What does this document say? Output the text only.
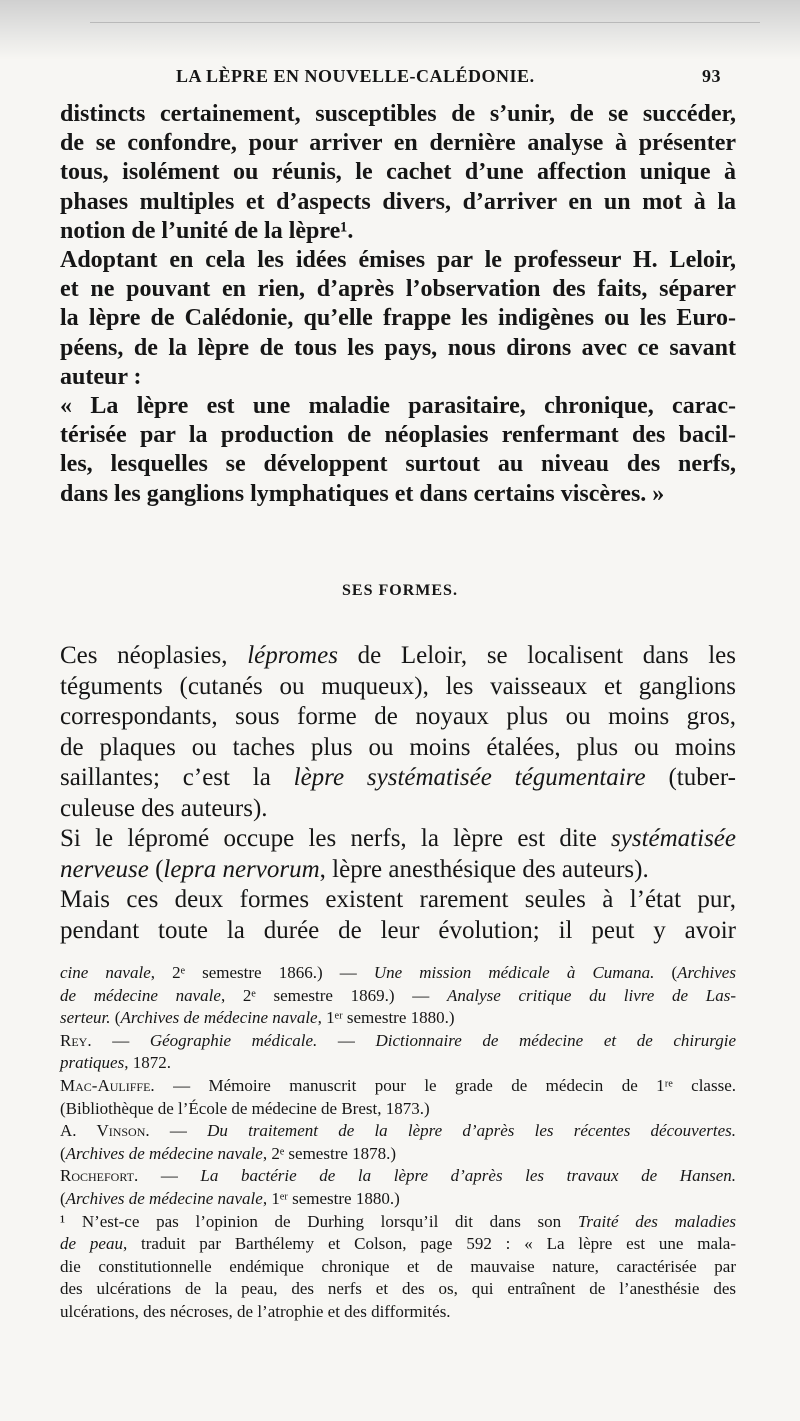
LA LÈPRE EN NOUVELLE-CALÉDONIE.	93
distincts certainement, susceptibles de s’unir, de se succéder,
de se confondre, pour arriver en dernière analyse à présenter
tous, isolément ou réunis, le cachet d’une affection unique à
phases multiples et d’aspects divers, d’arriver en un mot à la
notion de l’unité de la lèpre¹.
Adoptant en cela les idées émises par le professeur H. Leloir,
et ne pouvant en rien, d’après l’observation des faits, séparer
la lèpre de Calédonie, qu’elle frappe les indigènes ou les Euro-
péens, de la lèpre de tous les pays, nous dirons avec ce savant
auteur :
« La lèpre est une maladie parasitaire, chronique, carac-
térisée par la production de néoplasies renfermant des bacil-
les, lesquelles se développent surtout au niveau des nerfs,
dans les ganglions lymphatiques et dans certains viscères. »
SES FORMES.
Ces néoplasies, lépromes de Leloir, se localisent dans les
téguments (cutanés ou muqueux), les vaisseaux et ganglions
correspondants, sous forme de noyaux plus ou moins gros,
de plaques ou taches plus ou moins étalées, plus ou moins
saillantes; c’est la lèpre systématisée tégumentaire (tuber-
culeuse des auteurs).
Si le lépromé occupe les nerfs, la lèpre est dite systématisée
nerveuse (lepra nervorum, lèpre anesthésique des auteurs).
Mais ces deux formes existent rarement seules à l’état pur,
pendant toute la durée de leur évolution; il peut y avoir
cine navale, 2ᵉ semestre 1866.) — Une mission médicale à Cumana. (Archives
de médecine navale, 2ᵉ semestre 1869.) — Analyse critique du livre de Las-
serteur. (Archives de médecine navale, 1ᵉʳ semestre 1880.)
Rey. — Géographie médicale. — Dictionnaire de médecine et de chirurgie
pratiques, 1872.
Mac-Auliffe. — Mémoire manuscrit pour le grade de médecin de 1ʳᵉ classe.
(Bibliothèque de l’École de médecine de Brest, 1873.)
A. Vinson. — Du traitement de la lèpre d’après les récentes découvertes.
(Archives de médecine navale, 2ᵉ semestre 1878.)
Rochefort. — La bactérie de la lèpre d’après les travaux de Hansen.
(Archives de médecine navale, 1ᵉʳ semestre 1880.)
¹ N’est-ce pas l’opinion de Durhing lorsqu’il dit dans son Traité des maladies
de peau, traduit par Barthélemy et Colson, page 592 : « La lèpre est une mala-
die constitutionnelle endémique chronique et de mauvaise nature, caractérisée par
des ulcérations de la peau, des nerfs et des os, qui entraînent de l’anesthésie des
ulcérations, des nécroses, de l’atrophie et des difformités.
